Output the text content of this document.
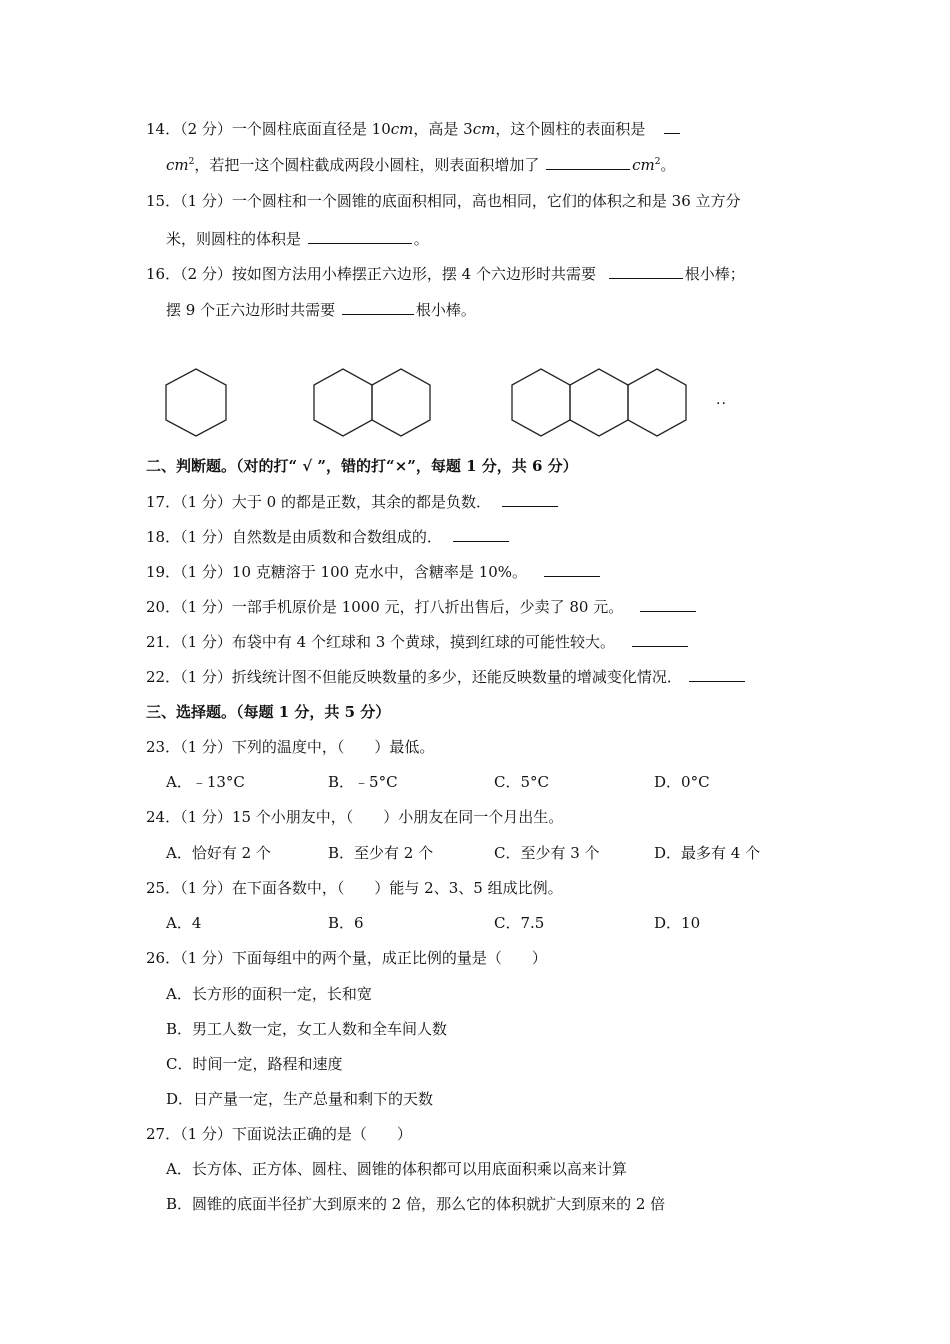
14．（2 分）一个圆柱底面直径是 10cm，高是 3cm，这个圆柱的表面积是
$cm^2$，若把一这个圆柱截成两段小圆柱，则表面积增加了	$cm^2$。
15．（1 分）一个圆柱和一个圆锥的底面积相同，高也相同，它们的体积之和是 36 立方分
米，则圆柱的体积是	。
16．（2 分）按如图方法用小棒摆正六边形，摆 4 个六边形时共需要	根小棒；
摆 9 个正六边形时共需要	根小棒。
..
二、判断题。（对的打“ √ ”，错的打“×”，每题 1 分，共 6 分）
17．（1 分）大于 0 的都是正数，其余的都是负数．
18．（1 分）自然数是由质数和合数组成的．
19．（1 分）10 克糖溶于 100 克水中，含糖率是 10%。
20．（1 分）一部手机原价是 1000 元，打八折出售后，少卖了 80 元。
21．（1 分）布袋中有 4 个红球和 3 个黄球，摸到红球的可能性较大。
22．（1 分）折线统计图不但能反映数量的多少，还能反映数量的增减变化情况．
三、选择题。（每题 1 分，共 5 分）
23．（1 分）下列的温度中，（　　）最低。
A．﹣13°C	B．﹣5°C	C．5°C	D．0°C
24．（1 分）15 个小朋友中，（　　）小朋友在同一个月出生。
A．恰好有 2 个	B．至少有 2 个	C．至少有 3 个	D．最多有 4 个
25．（1 分）在下面各数中，（　　）能与 2、3、5 组成比例。
A．4	B．6	C．7.5	D．10
26．（1 分）下面每组中的两个量，成正比例的量是（　　）
A．长方形的面积一定，长和宽
B．男工人数一定，女工人数和全车间人数
C．时间一定，路程和速度
D．日产量一定，生产总量和剩下的天数
27．（1 分）下面说法正确的是（　　）
A．长方体、正方体、圆柱、圆锥的体积都可以用底面积乘以高来计算
B．圆锥的底面半径扩大到原来的 2 倍，那么它的体积就扩大到原来的 2 倍
